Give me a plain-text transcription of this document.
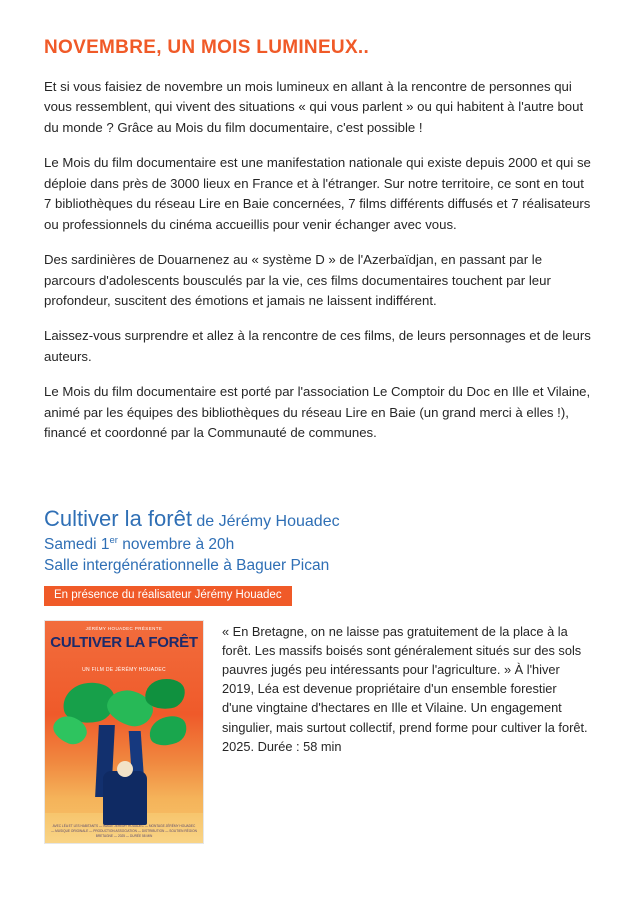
NOVEMBRE, UN MOIS LUMINEUX..

Et si vous faisiez de novembre un mois lumineux en allant à la rencontre de personnes qui vous ressemblent, qui vivent des situations « qui vous parlent » ou qui habitent à l'autre bout du monde ? Grâce au Mois du film documentaire, c'est possible !

Le Mois du film documentaire est une manifestation nationale qui existe depuis 2000 et qui se déploie dans près de 3000 lieux en France et à l'étranger. Sur notre territoire, ce sont en tout 7 bibliothèques du réseau Lire en Baie concernées, 7 films différents diffusés et 7 réalisateurs ou professionnels du cinéma accueillis pour venir échanger avec vous.

Des sardinières de Douarnenez au « système D » de l'Azerbaïdjan, en passant par le parcours d'adolescents bousculés par la vie, ces films documentaires touchent par leur profondeur, suscitent des émotions et jamais ne laissent indifférent.

Laissez-vous surprendre et allez à la rencontre de ces films, de leurs personnages et de leurs auteurs.

Le Mois du film documentaire est porté par l'association Le Comptoir du Doc en Ille et Vilaine, animé par les équipes des bibliothèques du réseau Lire en Baie (un grand merci à elles !), financé et coordonné par la Communauté de communes.

Cultiver la forêt de Jérémy Houadec
Samedi 1er novembre à 20h
Salle intergénérationnelle à Baguer Pican
En présence du réalisateur Jérémy Houadec
JÉRÉMY HOUADEC PRÉSENTE
CULTIVER LA FORÊT
UN FILM DE JÉRÉMY HOUADEC
AVEC LÉA ET LES HABITANTS — IMAGE JÉRÉMY HOUADEC — MONTAGE JÉRÉMY HOUADEC — MUSIQUE ORIGINALE — PRODUCTION ASSOCIATION — DISTRIBUTION — SOUTIEN RÉGION BRETAGNE — 2025 — DURÉE 58 MIN

« En Bretagne, on ne laisse pas gratuitement de la place à la forêt. Les massifs boisés sont généralement situés sur des sols pauvres jugés peu intéressants pour l'agriculture. » À l'hiver 2019, Léa est devenue propriétaire d'un ensemble forestier d'une vingtaine d'hectares en Ille et Vilaine. Un engagement singulier, mais surtout collectif, prend forme pour cultiver la forêt.

2025. Durée : 58 min
